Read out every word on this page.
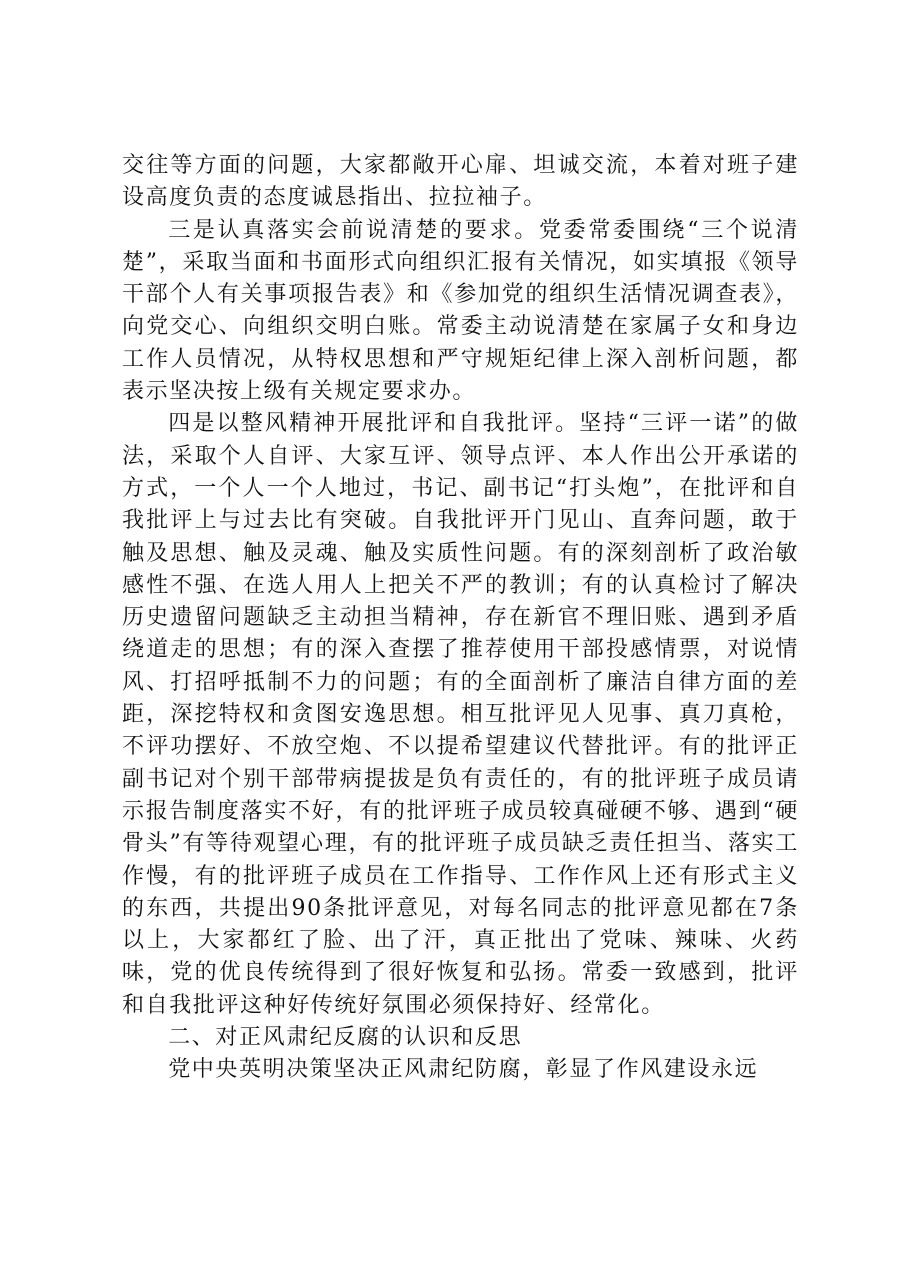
交往等方面的问题，大家都敞开心扉、坦诚交流，本着对班子建设高度负责的态度诚恳指出、拉拉袖子。

三是认真落实会前说清楚的要求。党委常委围绕“三个说清楚”，采取当面和书面形式向组织汇报有关情况，如实填报《领导干部个人有关事项报告表》和《参加党的组织生活情况调查表》，向党交心、向组织交明白账。常委主动说清楚在家属子女和身边工作人员情况，从特权思想和严守规矩纪律上深入剖析问题，都表示坚决按上级有关规定要求办。

四是以整风精神开展批评和自我批评。坚持“三评一诺”的做法，采取个人自评、大家互评、领导点评、本人作出公开承诺的方式，一个人一个人地过，书记、副书记“打头炮”，在批评和自我批评上与过去比有突破。自我批评开门见山、直奔问题，敢于触及思想、触及灵魂、触及实质性问题。有的深刻剖析了政治敏感性不强、在选人用人上把关不严的教训；有的认真检讨了解决历史遗留问题缺乏主动担当精神，存在新官不理旧账、遇到矛盾绕道走的思想；有的深入查摆了推荐使用干部投感情票，对说情风、打招呼抵制不力的问题；有的全面剖析了廉洁自律方面的差距，深挖特权和贪图安逸思想。相互批评见人见事、真刀真枪，不评功摆好、不放空炮、不以提希望建议代替批评。有的批评正副书记对个别干部带病提拔是负有责任的，有的批评班子成员请示报告制度落实不好，有的批评班子成员较真碰硬不够、遇到“硬骨头”有等待观望心理，有的批评班子成员缺乏责任担当、落实工作慢，有的批评班子成员在工作指导、工作作风上还有形式主义的东西，共提出90条批评意见，对每名同志的批评意见都在7条以上，大家都红了脸、出了汗，真正批出了党味、辣味、火药味，党的优良传统得到了很好恢复和弘扬。常委一致感到，批评和自我批评这种好传统好氛围必须保持好、经常化。

二、对正风肃纪反腐的认识和反思

党中央英明决策坚决正风肃纪防腐，彰显了作风建设永远
